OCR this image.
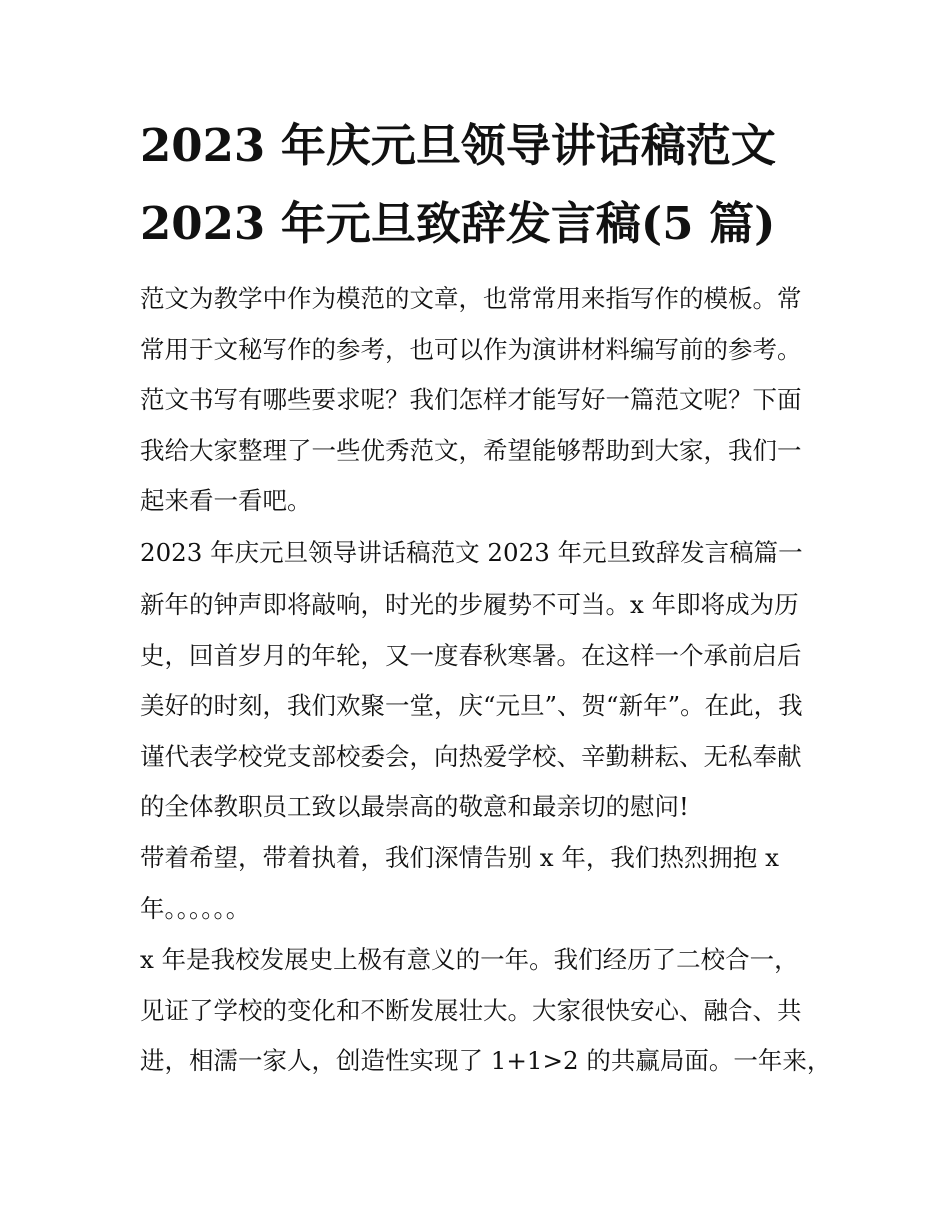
2023 年庆元旦领导讲话稿范文
2023 年元旦致辞发言稿(5 篇)
范文为教学中作为模范的文章，也常常用来指写作的模板。常
常用于文秘写作的参考，也可以作为演讲材料编写前的参考。
范文书写有哪些要求呢？我们怎样才能写好一篇范文呢？下面
我给大家整理了一些优秀范文，希望能够帮助到大家，我们一
起来看一看吧。
2023 年庆元旦领导讲话稿范文 2023 年元旦致辞发言稿篇一
新年的钟声即将敲响，时光的步履势不可当。x 年即将成为历
史，回首岁月的年轮，又一度春秋寒暑。在这样一个承前启后
美好的时刻，我们欢聚一堂，庆“元旦”、贺“新年”。在此，我
谨代表学校党支部校委会，向热爱学校、辛勤耕耘、无私奉献
的全体教职员工致以最崇高的敬意和最亲切的慰问!
带着希望，带着执着，我们深情告别 x 年，我们热烈拥抱 x
年。。。。。。
x 年是我校发展史上极有意义的一年。我们经历了二校合一，
见证了学校的变化和不断发展壮大。大家很快安心、融合、共
进，相濡一家人，创造性实现了 1+1>2 的共赢局面。一年来，
